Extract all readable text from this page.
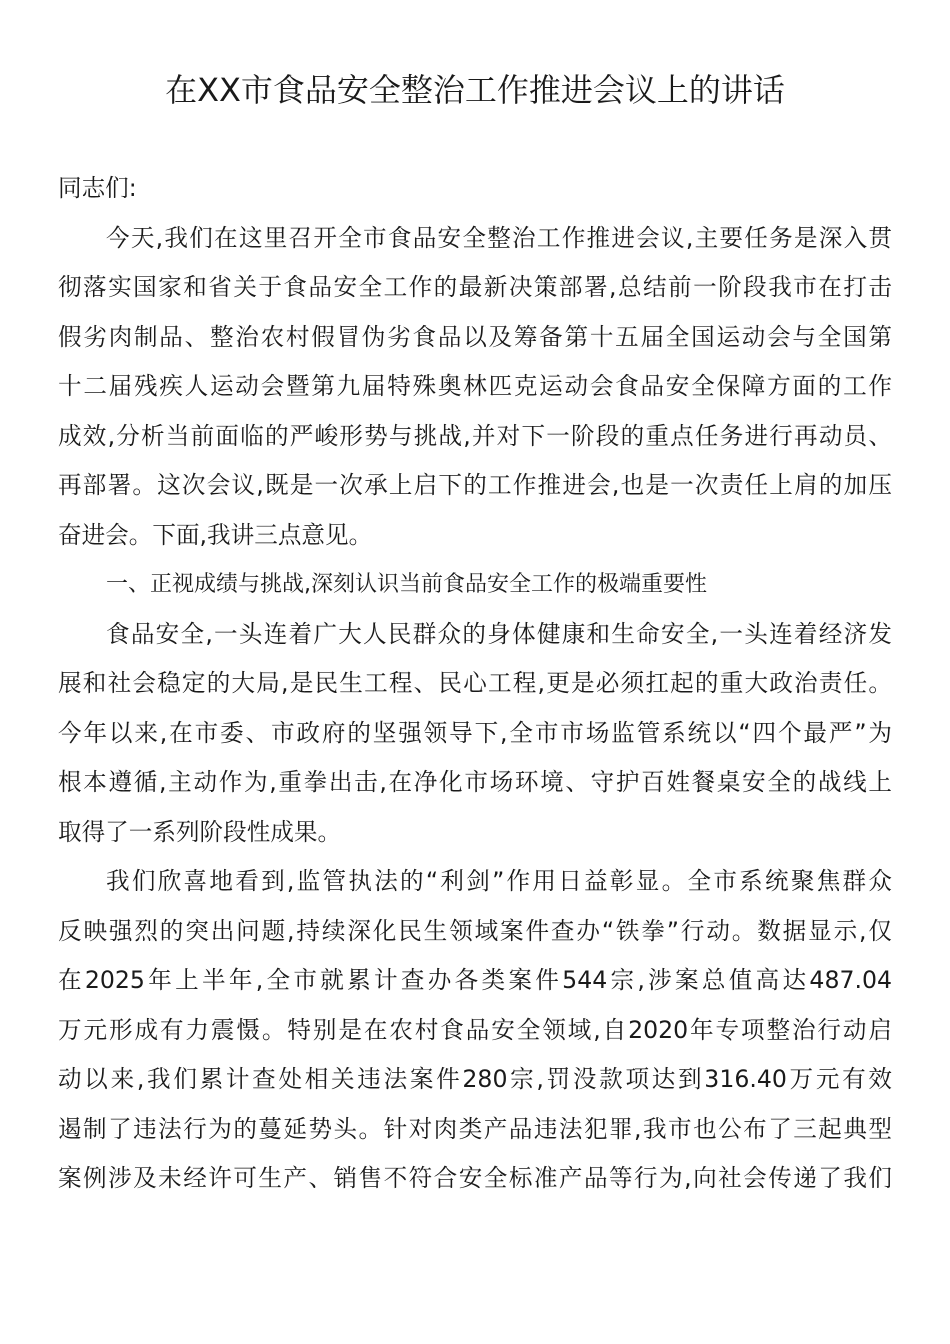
在XX市食品安全整治工作推进会议上的讲话
同志们:
今天,我们在这里召开全市食品安全整治工作推进会议,主要任务是深入贯
彻落实国家和省关于食品安全工作的最新决策部署,总结前一阶段我市在打击
假劣肉制品、整治农村假冒伪劣食品以及筹备第十五届全国运动会与全国第
十二届残疾人运动会暨第九届特殊奥林匹克运动会食品安全保障方面的工作
成效,分析当前面临的严峻形势与挑战,并对下一阶段的重点任务进行再动员、
再部署。这次会议,既是一次承上启下的工作推进会,也是一次责任上肩的加压
奋进会。下面,我讲三点意见。
一、正视成绩与挑战,深刻认识当前食品安全工作的极端重要性
食品安全,一头连着广大人民群众的身体健康和生命安全,一头连着经济发
展和社会稳定的大局,是民生工程、民心工程,更是必须扛起的重大政治责任。
今年以来,在市委、市政府的坚强领导下,全市市场监管系统以“四个最严”为
根本遵循,主动作为,重拳出击,在净化市场环境、守护百姓餐桌安全的战线上
取得了一系列阶段性成果。
我们欣喜地看到,监管执法的“利剑”作用日益彰显。全市系统聚焦群众
反映强烈的突出问题,持续深化民生领域案件查办“铁拳”行动。数据显示,仅
在2025年上半年,全市就累计查办各类案件544宗,涉案总值高达487.04
万元形成有力震慑。特别是在农村食品安全领域,自2020年专项整治行动启
动以来,我们累计查处相关违法案件280宗,罚没款项达到316.40万元有效
遏制了违法行为的蔓延势头。针对肉类产品违法犯罪,我市也公布了三起典型
案例涉及未经许可生产、销售不符合安全标准产品等行为,向社会传递了我们
